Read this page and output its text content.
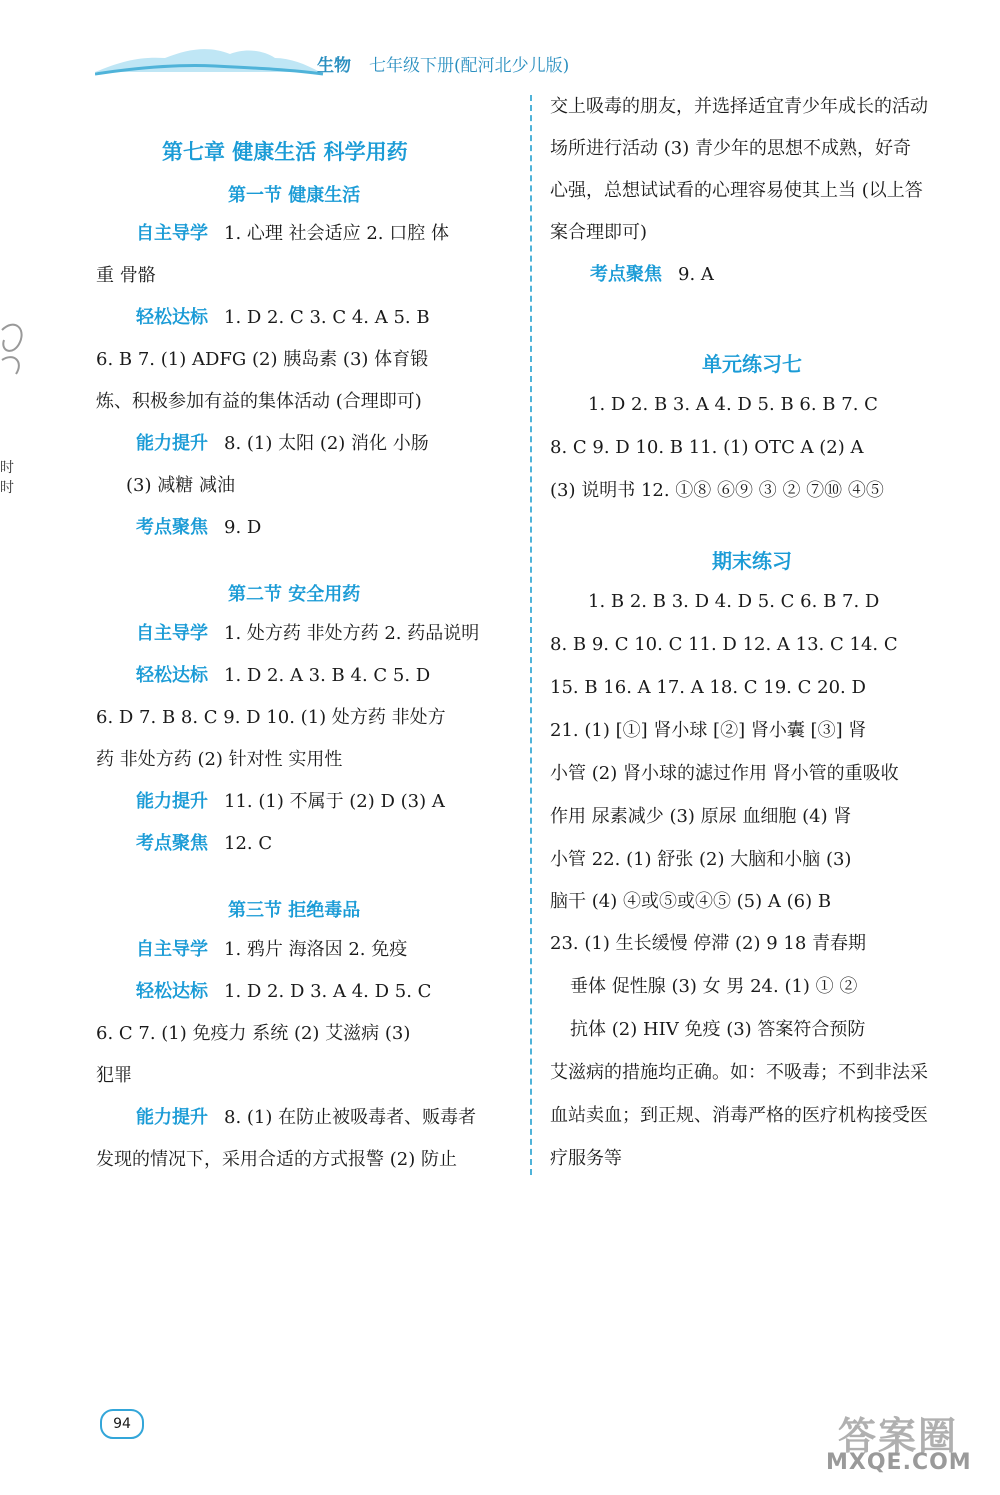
生物 七年级下册(配河北少儿版)
时时
第七章 健康生活 科学用药
第一节 健康生活
自主导学 1. 心理 社会适应 2. 口腔 体
重 骨骼
轻松达标 1. D 2. C 3. C 4. A 5. B
6. B 7. (1) ADFG (2) 胰岛素 (3) 体育锻
炼、积极参加有益的集体活动 (合理即可)
能力提升 8. (1) 太阳 (2) 消化 小肠
(3) 减糖 减油
考点聚焦 9. D
第二节 安全用药
自主导学 1. 处方药 非处方药 2. 药品说明
轻松达标 1. D 2. A 3. B 4. C 5. D
6. D 7. B 8. C 9. D 10. (1) 处方药 非处方
药 非处方药 (2) 针对性 实用性
能力提升 11. (1) 不属于 (2) D (3) A
考点聚焦 12. C
第三节 拒绝毒品
自主导学 1. 鸦片 海洛因 2. 免疫
轻松达标 1. D 2. D 3. A 4. D 5. C
6. C 7. (1) 免疫力 系统 (2) 艾滋病 (3)
犯罪
能力提升 8. (1) 在防止被吸毒者、贩毒者
发现的情况下，采用合适的方式报警 (2) 防止
交上吸毒的朋友，并选择适宜青少年成长的活动
场所进行活动 (3) 青少年的思想不成熟，好奇
心强，总想试试看的心理容易使其上当 (以上答
案合理即可)
考点聚焦 9. A
单元练习七
1. D 2. B 3. A 4. D 5. B 6. B 7. C
8. C 9. D 10. B 11. (1) OTC A (2) A
(3) 说明书 12. ①⑧ ⑥⑨ ③ ② ⑦⑩ ④⑤
期末练习
1. B 2. B 3. D 4. D 5. C 6. B 7. D
8. B 9. C 10. C 11. D 12. A 13. C 14. C
15. B 16. A 17. A 18. C 19. C 20. D
21. (1) [①] 肾小球 [②] 肾小囊 [③] 肾
小管 (2) 肾小球的滤过作用 肾小管的重吸收
作用 尿素减少 (3) 原尿 血细胞 (4) 肾
小管 22. (1) 舒张 (2) 大脑和小脑 (3)
脑干 (4) ④或⑤或④⑤ (5) A (6) B
23. (1) 生长缓慢 停滞 (2) 9 18 青春期
垂体 促性腺 (3) 女 男 24. (1) ① ②
抗体 (2) HIV 免疫 (3) 答案符合预防
艾滋病的措施均正确。如：不吸毒；不到非法采
血站卖血；到正规、消毒严格的医疗机构接受医
疗服务等
94	答案圈
MXQE.COM
